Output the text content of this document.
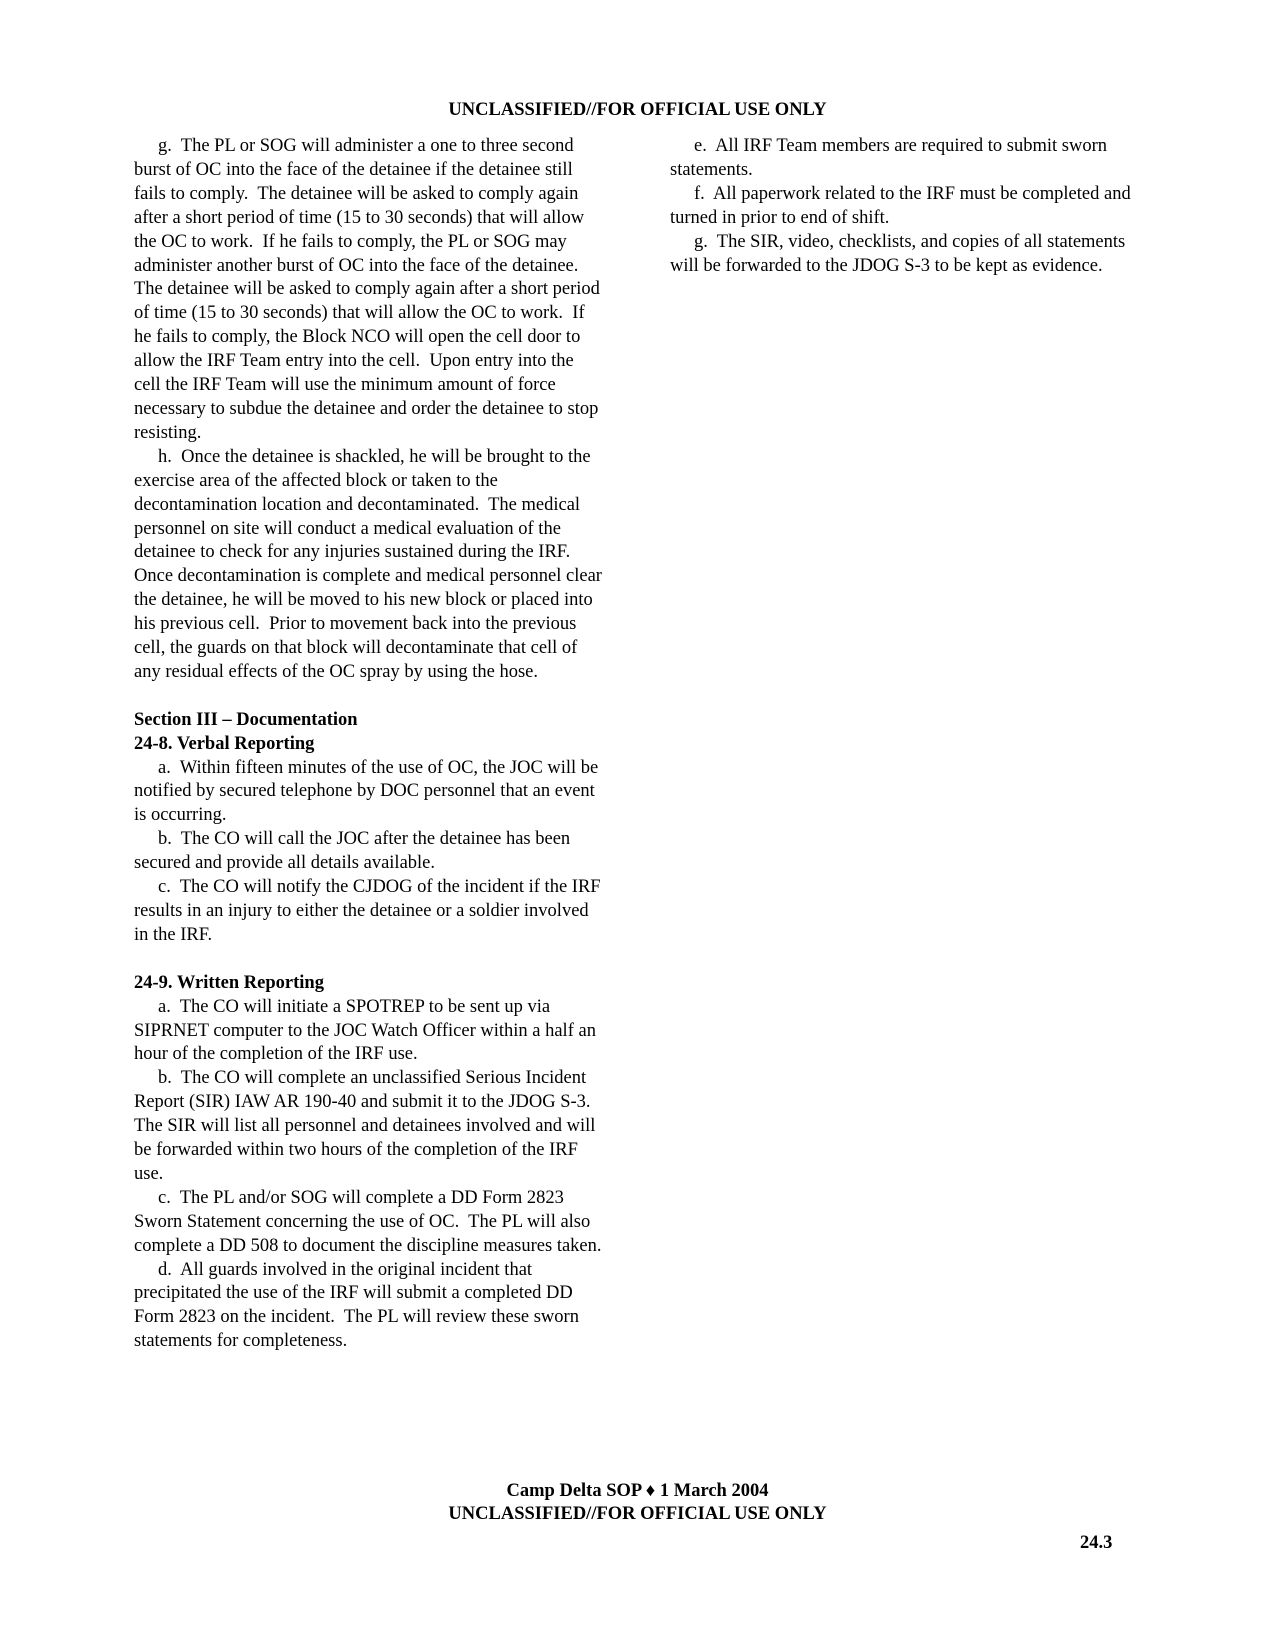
UNCLASSIFIED//FOR OFFICIAL USE ONLY

g.  The PL or SOG will administer a one to three second burst of OC into the face of the detainee if the detainee still fails to comply.  The detainee will be asked to comply again after a short period of time (15 to 30 seconds) that will allow the OC to work.  If he fails to comply, the PL or SOG may administer another burst of OC into the face of the detainee.  The detainee will be asked to comply again after a short period of time (15 to 30 seconds) that will allow the OC to work.  If he fails to comply, the Block NCO will open the cell door to allow the IRF Team entry into the cell.  Upon entry into the cell the IRF Team will use the minimum amount of force necessary to subdue the detainee and order the detainee to stop resisting.

h.  Once the detainee is shackled, he will be brought to the exercise area of the affected block or taken to the decontamination location and decontaminated.  The medical personnel on site will conduct a medical evaluation of the detainee to check for any injuries sustained during the IRF.  Once decontamination is complete and medical personnel clear the detainee, he will be moved to his new block or placed into his previous cell.  Prior to movement back into the previous cell, the guards on that block will decontaminate that cell of any residual effects of the OC spray by using the hose.

Section III – Documentation

24-8. Verbal Reporting

a.  Within fifteen minutes of the use of OC, the JOC will be notified by secured telephone by DOC personnel that an event is occurring.

b.  The CO will call the JOC after the detainee has been secured and provide all details available.

c.  The CO will notify the CJDOG of the incident if the IRF results in an injury to either the detainee or a soldier involved in the IRF.

24-9. Written Reporting

a.  The CO will initiate a SPOTREP to be sent up via SIPRNET computer to the JOC Watch Officer within a half an hour of the completion of the IRF use.

b.  The CO will complete an unclassified Serious Incident Report (SIR) IAW AR 190-40 and submit it to the JDOG S-3.  The SIR will list all personnel and detainees involved and will be forwarded within two hours of the completion of the IRF use.

c.  The PL and/or SOG will complete a DD Form 2823 Sworn Statement concerning the use of OC.  The PL will also complete a DD 508 to document the discipline measures taken.

d.  All guards involved in the original incident that precipitated the use of the IRF will submit a completed DD Form 2823 on the incident.  The PL will review these sworn statements for completeness.

e.  All IRF Team members are required to submit sworn statements.

f.  All paperwork related to the IRF must be completed and turned in prior to end of shift.

g.  The SIR, video, checklists, and copies of all statements will be forwarded to the JDOG S-3 to be kept as evidence.

Camp Delta SOP ♦ 1 March 2004
UNCLASSIFIED//FOR OFFICIAL USE ONLY
24.3
